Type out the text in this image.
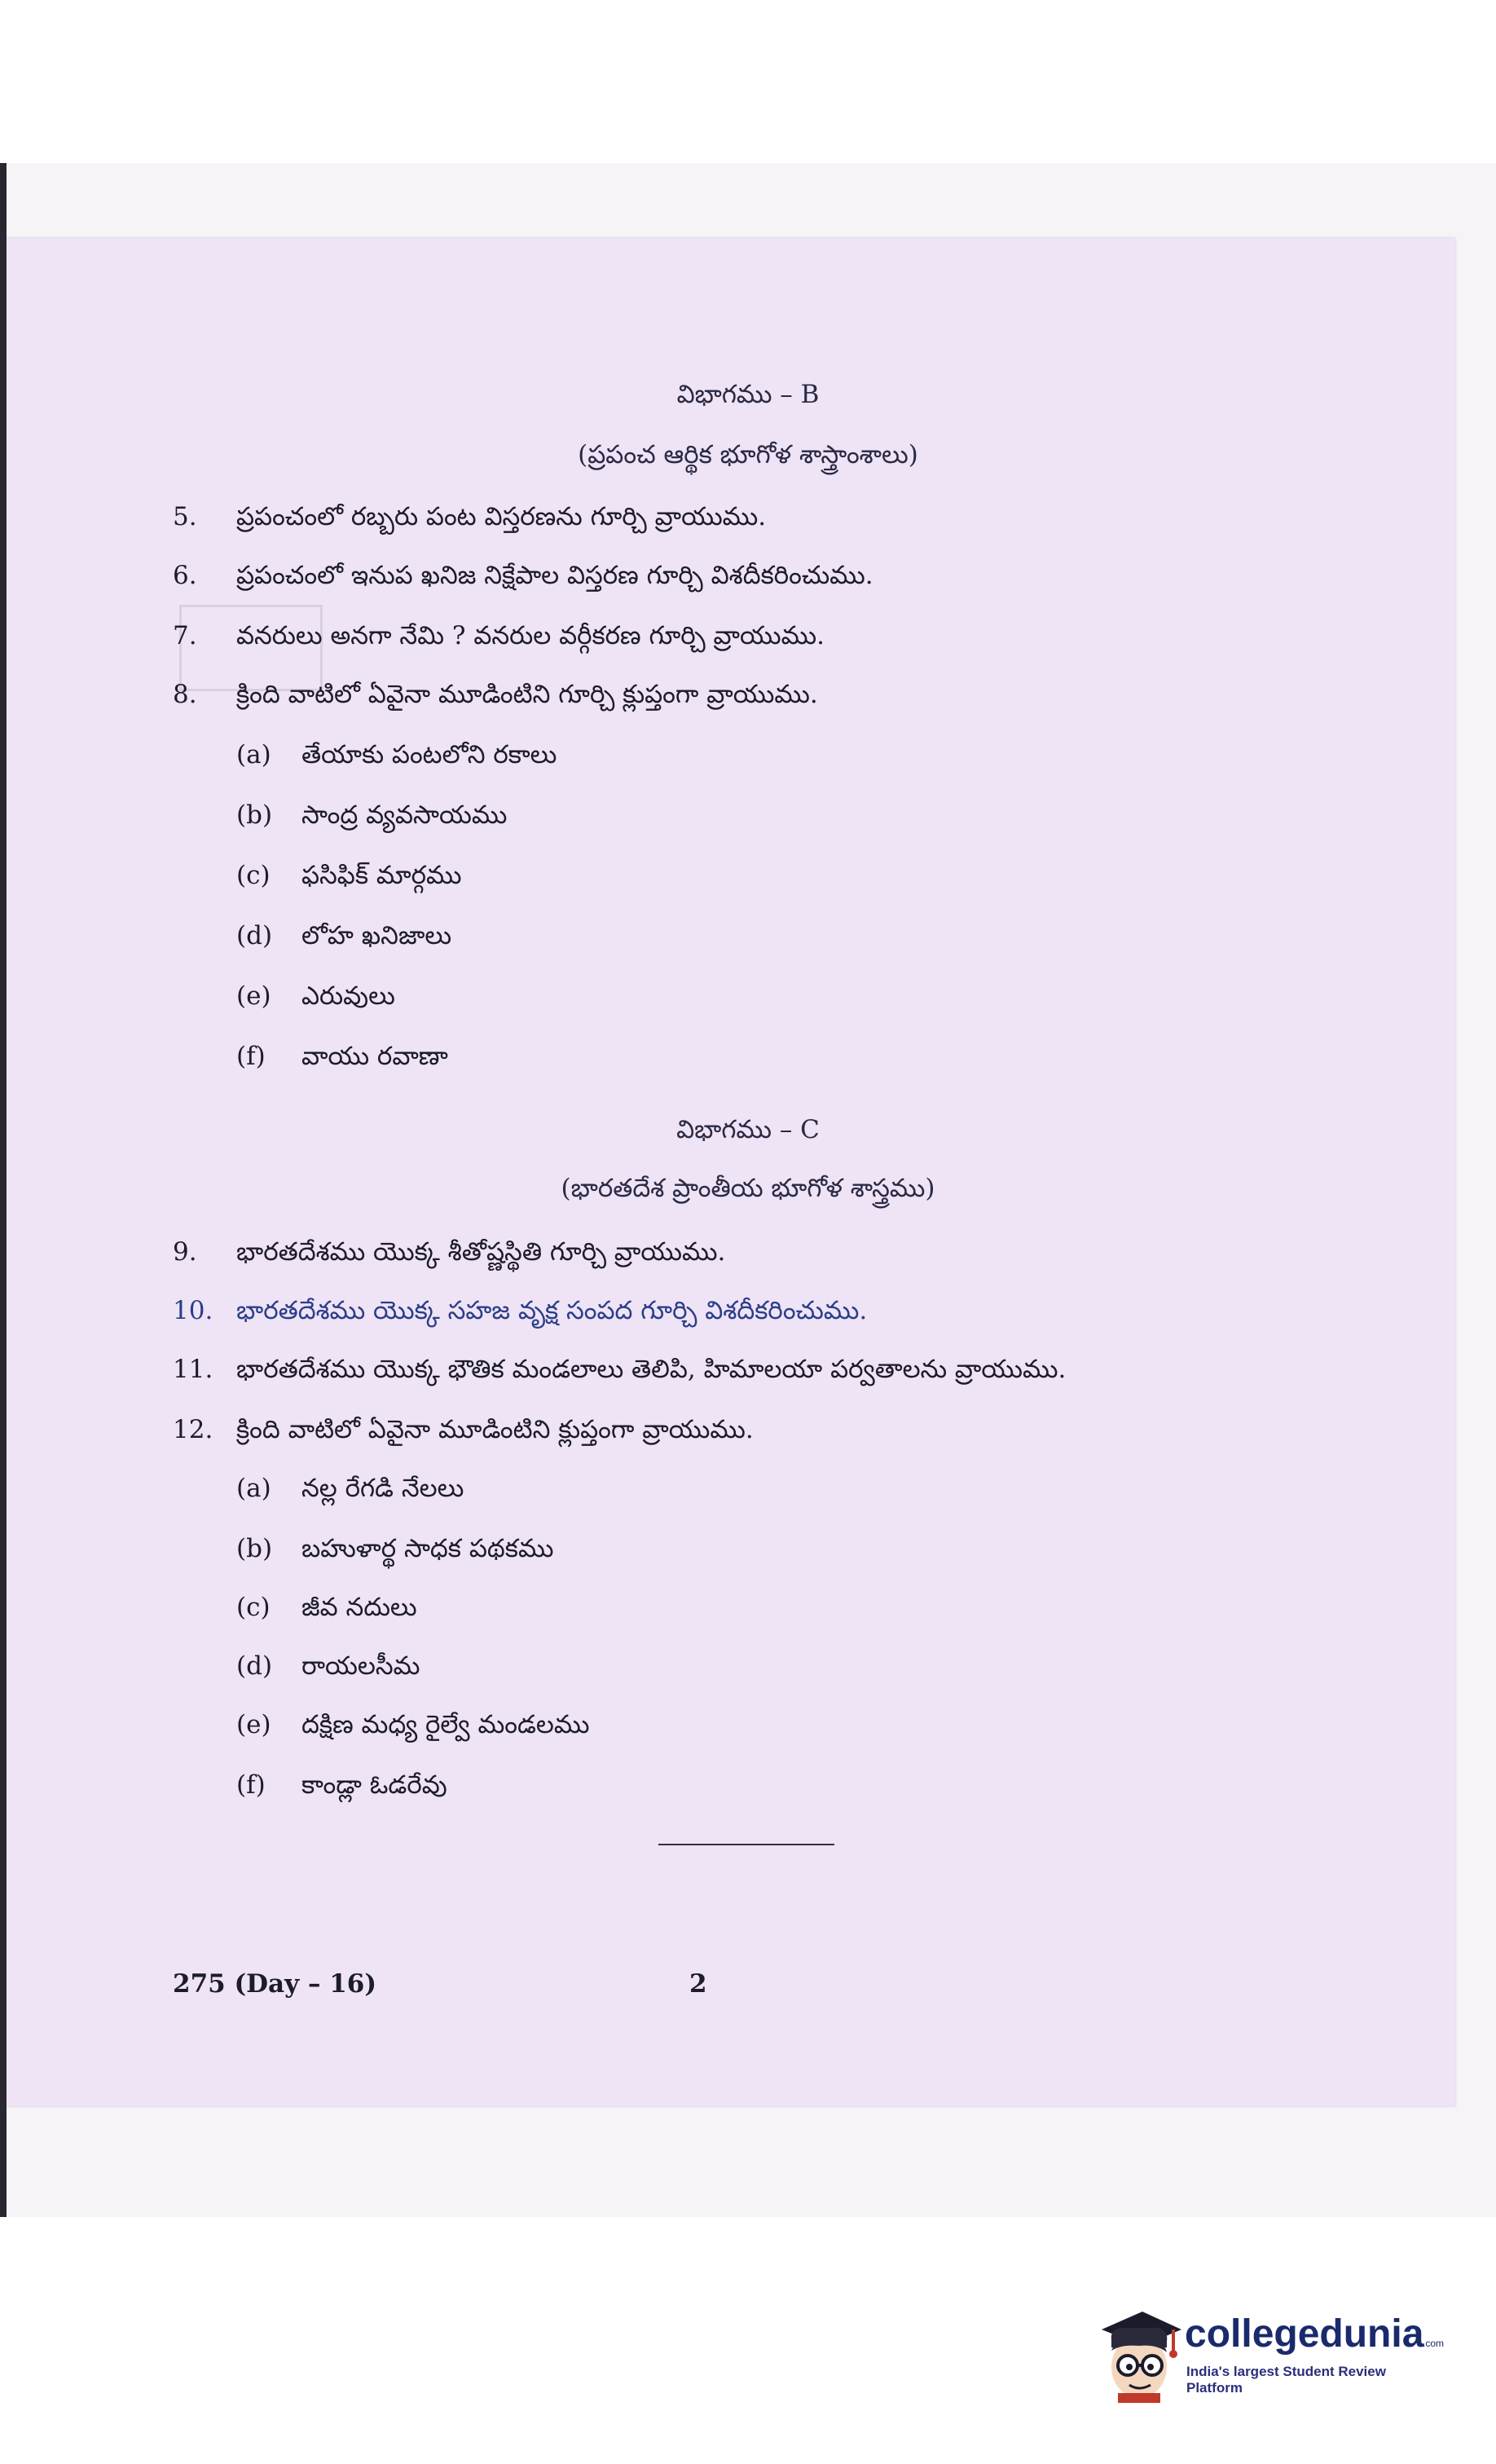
విభాగము – B
(ప్రపంచ ఆర్థిక భూగోళ శాస్త్రాంశాలు)
5. ప్రపంచంలో రబ్బరు పంట విస్తరణను గూర్చి వ్రాయుము.
6. ప్రపంచంలో ఇనుప ఖనిజ నిక్షేపాల విస్తరణ గూర్చి విశదీకరించుము.
7. వనరులు అనగా నేమి ? వనరుల వర్గీకరణ గూర్చి వ్రాయుము.
8. క్రింది వాటిలో ఏవైనా మూడింటిని గూర్చి క్లుప్తంగా వ్రాయుము.
(a) తేయాకు పంటలోని రకాలు
(b) సాంద్ర వ్యవసాయము
(c) ఫసిఫిక్ మార్గము
(d) లోహ ఖనిజాలు
(e) ఎరువులు
(f) వాయు రవాణా
విభాగము – C
(భారతదేశ ప్రాంతీయ భూగోళ శాస్త్రము)
9. భారతదేశము యొక్క శీతోష్ణస్థితి గూర్చి వ్రాయుము.
10. భారతదేశము యొక్క సహజ వృక్ష సంపద గూర్చి విశదీకరించుము.
11. భారతదేశము యొక్క భౌతిక మండలాలు తెలిపి, హిమాలయా పర్వతాలను వ్రాయుము.
12. క్రింది వాటిలో ఏవైనా మూడింటిని క్లుప్తంగా వ్రాయుము.
(a) నల్ల రేగడి నేలలు
(b) బహుళార్థ సాధక పథకము
(c) జీవ నదులు
(d) రాయలసీమ
(e) దక్షిణ మధ్య రైల్వే మండలము
(f) కాండ్లా ఓడరేవు
275 (Day – 16)	2
collegedunia
.com
India's largest Student Review Platform
